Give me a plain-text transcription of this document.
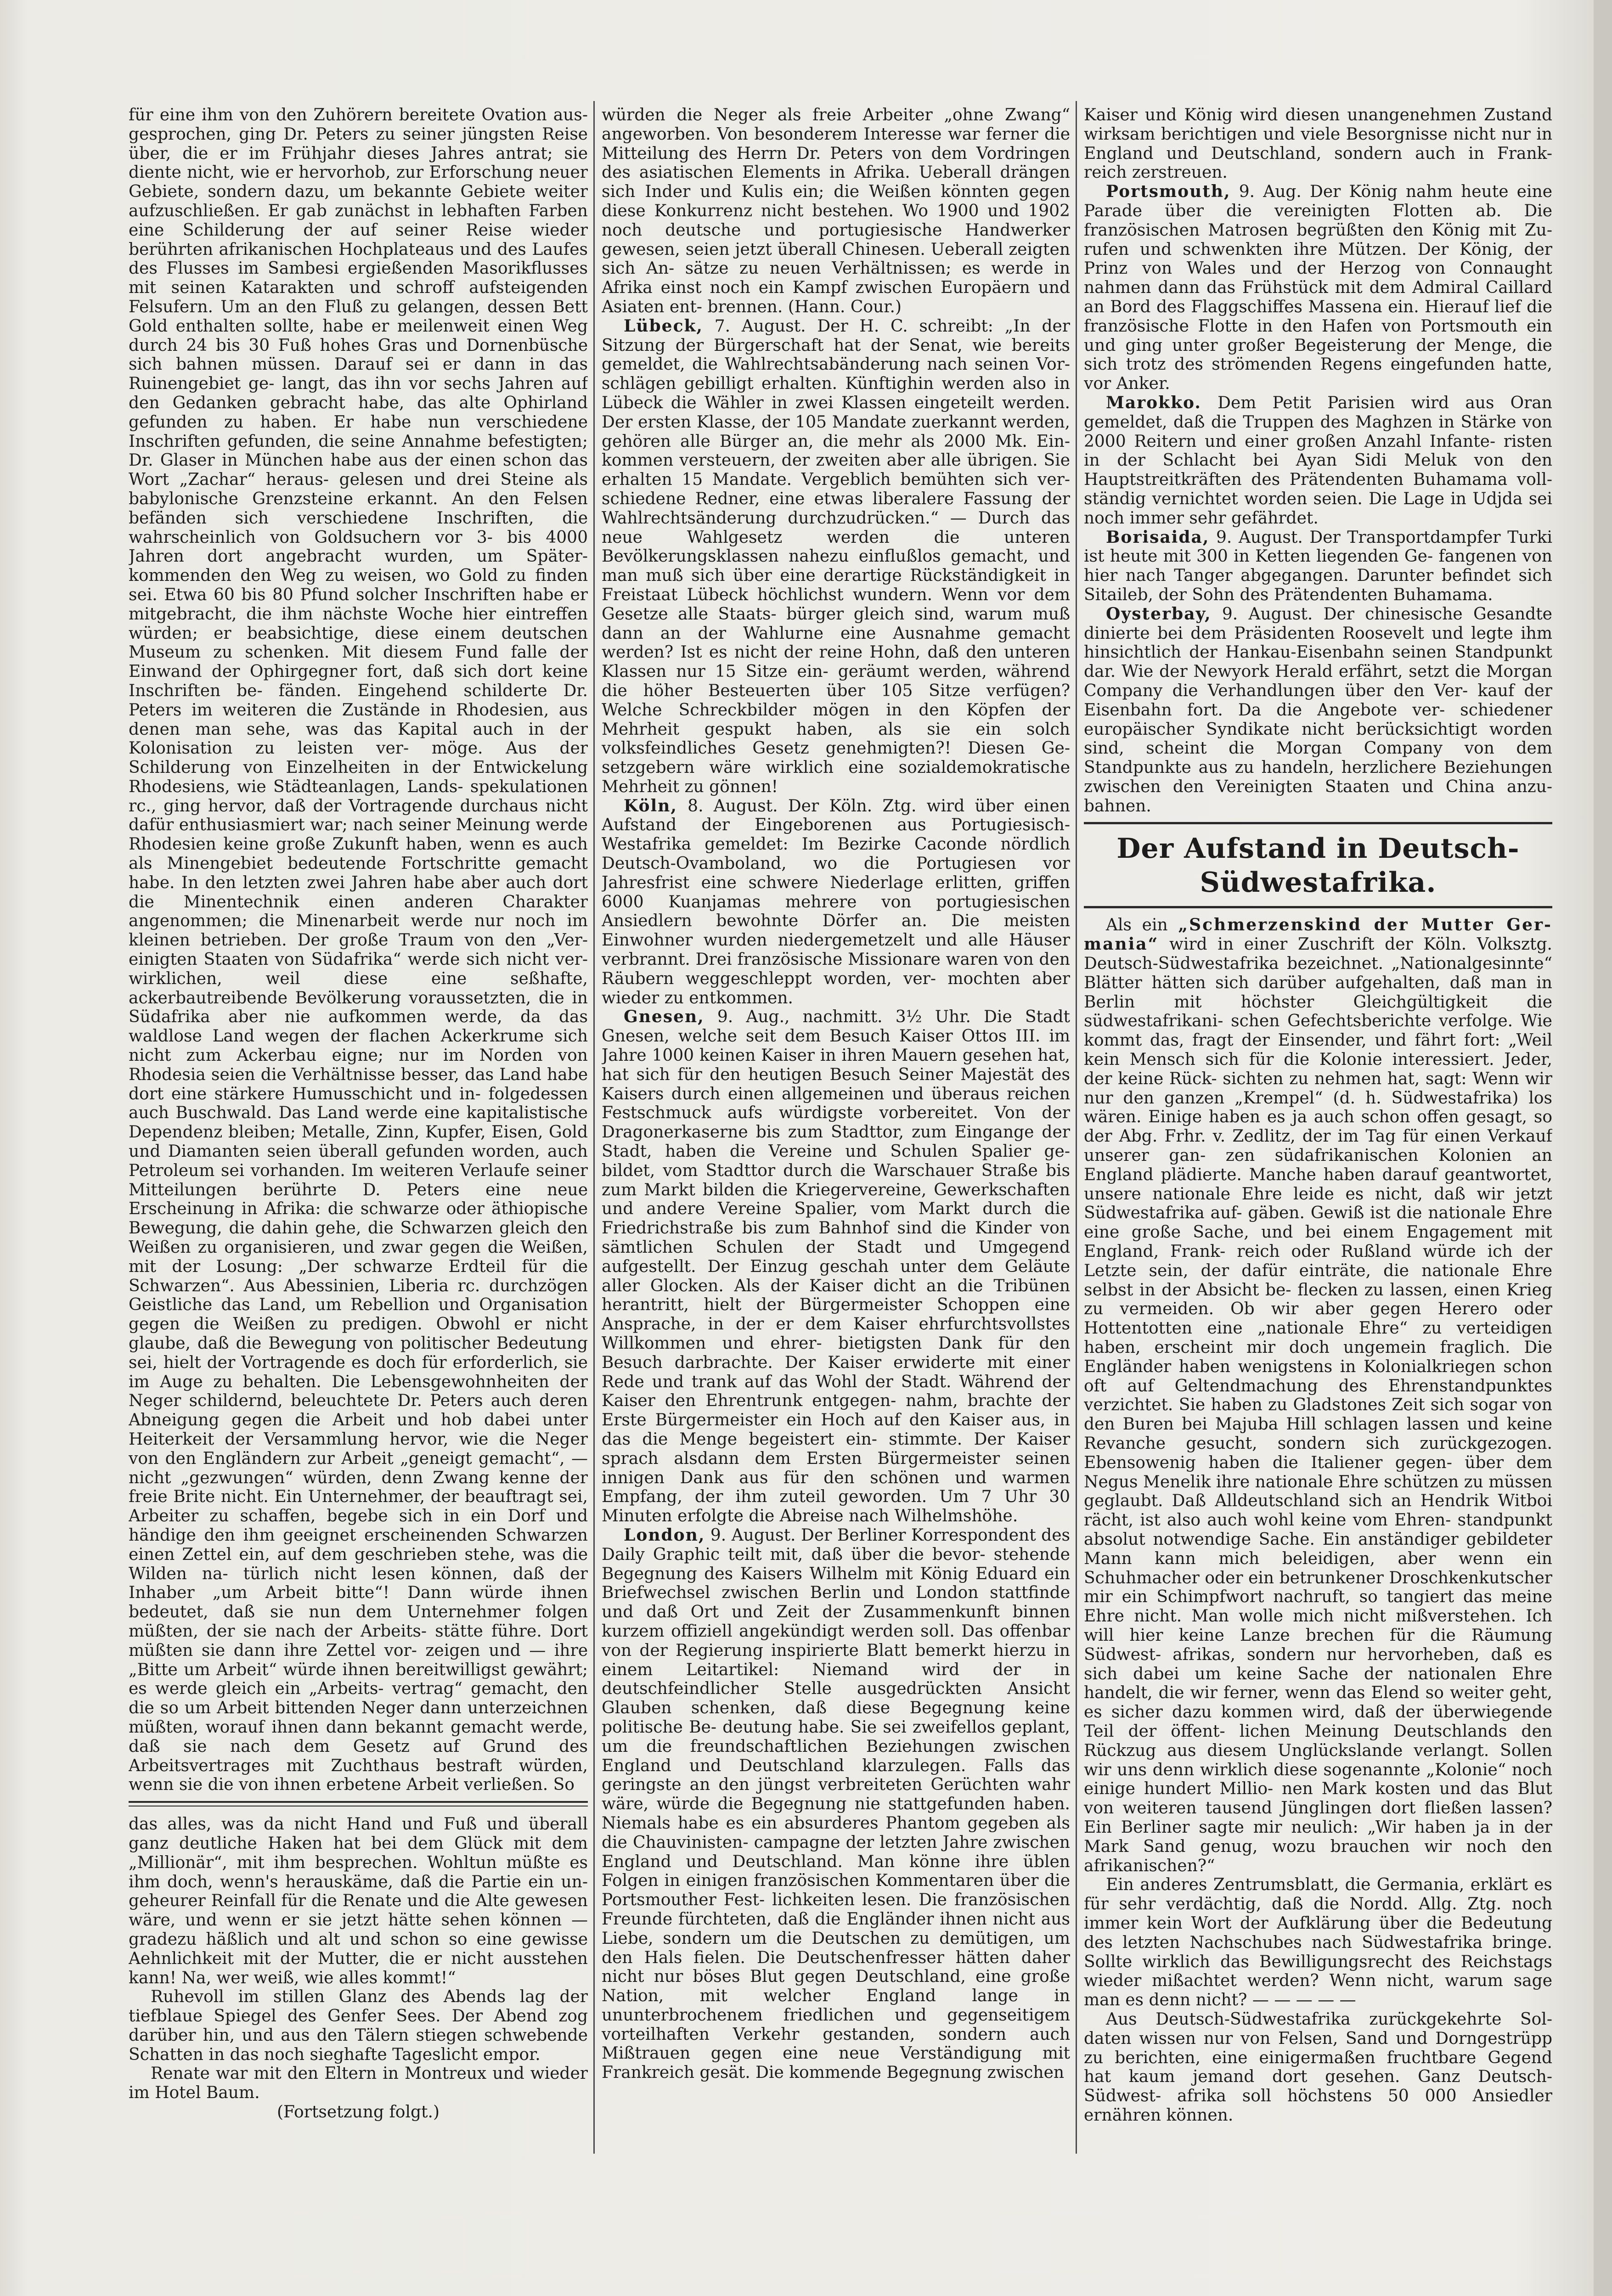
für eine ihm von den Zuhörern bereitete Ovation aus- gesprochen, ging Dr. Peters zu seiner jüngsten Reise über, die er im Frühjahr dieses Jahres antrat; sie diente nicht, wie er hervorhob, zur Erforschung neuer Gebiete, sondern dazu, um bekannte Gebiete weiter aufzuschließen. Er gab zunächst in lebhaften Farben eine Schilderung der auf seiner Reise wieder berührten afrikanischen Hochplateaus und des Laufes des Flusses im Sambesi ergießenden Masorikflusses mit seinen Katarakten und schroff aufsteigenden Felsufern. Um an den Fluß zu gelangen, dessen Bett Gold enthalten sollte, habe er meilenweit einen Weg durch 24 bis 30 Fuß hohes Gras und Dornenbüsche sich bahnen müssen. Darauf sei er dann in das Ruinengebiet ge- langt, das ihn vor sechs Jahren auf den Gedanken gebracht habe, das alte Ophirland gefunden zu haben. Er habe nun verschiedene Inschriften gefunden, die seine Annahme befestigten; Dr. Glaser in München habe aus der einen schon das Wort „Zachar“ heraus- gelesen und drei Steine als babylonische Grenzsteine erkannt. An den Felsen befänden sich verschiedene Inschriften, die wahrscheinlich von Goldsuchern vor 3- bis 4000 Jahren dort angebracht wurden, um Später- kommenden den Weg zu weisen, wo Gold zu finden sei. Etwa 60 bis 80 Pfund solcher Inschriften habe er mitgebracht, die ihm nächste Woche hier eintreffen würden; er beabsichtige, diese einem deutschen Museum zu schenken. Mit diesem Fund falle der Einwand der Ophirgegner fort, daß sich dort keine Inschriften be- fänden. Eingehend schilderte Dr. Peters im weiteren die Zustände in Rhodesien, aus denen man sehe, was das Kapital auch in der Kolonisation zu leisten ver- möge. Aus der Schilderung von Einzelheiten in der Entwickelung Rhodesiens, wie Städteanlagen, Lands- spekulationen rc., ging hervor, daß der Vortragende durchaus nicht dafür enthusiasmiert war; nach seiner Meinung werde Rhodesien keine große Zukunft haben, wenn es auch als Minengebiet bedeutende Fortschritte gemacht habe. In den letzten zwei Jahren habe aber auch dort die Minentechnik einen anderen Charakter angenommen; die Minenarbeit werde nur noch im kleinen betrieben. Der große Traum von den „Ver- einigten Staaten von Südafrika“ werde sich nicht ver- wirklichen, weil diese eine seßhafte, ackerbautreibende Bevölkerung voraussetzten, die in Südafrika aber nie aufkommen werde, da das waldlose Land wegen der flachen Ackerkrume sich nicht zum Ackerbau eigne; nur im Norden von Rhodesia seien die Verhältnisse besser, das Land habe dort eine stärkere Humusschicht und in- folgedessen auch Buschwald. Das Land werde eine kapitalistische Dependenz bleiben; Metalle, Zinn, Kupfer, Eisen, Gold und Diamanten seien überall gefunden worden, auch Petroleum sei vorhanden. Im weiteren Verlaufe seiner Mitteilungen berührte D. Peters eine neue Erscheinung in Afrika: die schwarze oder äthiopische Bewegung, die dahin gehe, die Schwarzen gleich den Weißen zu organisieren, und zwar gegen die Weißen, mit der Losung: „Der schwarze Erdteil für die Schwarzen“. Aus Abessinien, Liberia rc. durchzögen Geistliche das Land, um Rebellion und Organisation gegen die Weißen zu predigen. Obwohl er nicht glaube, daß die Bewegung von politischer Bedeutung sei, hielt der Vortragende es doch für erforderlich, sie im Auge zu behalten. Die Lebensgewohnheiten der Neger schildernd, beleuchtete Dr. Peters auch deren Abneigung gegen die Arbeit und hob dabei unter Heiterkeit der Versammlung hervor, wie die Neger von den Engländern zur Arbeit „geneigt gemacht“, — nicht „gezwungen“ würden, denn Zwang kenne der freie Brite nicht. Ein Unternehmer, der beauftragt sei, Arbeiter zu schaffen, begebe sich in ein Dorf und händige den ihm geeignet erscheinenden Schwarzen einen Zettel ein, auf dem geschrieben stehe, was die Wilden na- türlich nicht lesen können, daß der Inhaber „um Arbeit bitte“! Dann würde ihnen bedeutet, daß sie nun dem Unternehmer folgen müßten, der sie nach der Arbeits- stätte führe. Dort müßten sie dann ihre Zettel vor- zeigen und — ihre „Bitte um Arbeit“ würde ihnen bereitwilligst gewährt; es werde gleich ein „Arbeits- vertrag“ gemacht, den die so um Arbeit bittenden Neger dann unterzeichnen müßten, worauf ihnen dann bekannt gemacht werde, daß sie nach dem Gesetz auf Grund des Arbeitsvertrages mit Zuchthaus bestraft würden, wenn sie die von ihnen erbetene Arbeit verließen. So

das alles, was da nicht Hand und Fuß und überall ganz deutliche Haken hat bei dem Glück mit dem „Millionär“, mit ihm besprechen. Wohltun müßte es ihm doch, wenn's herauskäme, daß die Partie ein un- geheurer Reinfall für die Renate und die Alte gewesen wäre, und wenn er sie jetzt hätte sehen können — gradezu häßlich und alt und schon so eine gewisse Aehnlichkeit mit der Mutter, die er nicht ausstehen kann! Na, wer weiß, wie alles kommt!“

Ruhevoll im stillen Glanz des Abends lag der tiefblaue Spiegel des Genfer Sees. Der Abend zog darüber hin, und aus den Tälern stiegen schwebende Schatten in das noch sieghafte Tageslicht empor.

Renate war mit den Eltern in Montreux und wieder im Hotel Baum.

(Fortsetzung folgt.)

würden die Neger als freie Arbeiter „ohne Zwang“ angeworben. Von besonderem Interesse war ferner die Mitteilung des Herrn Dr. Peters von dem Vordringen des asiatischen Elements in Afrika. Ueberall drängen sich Inder und Kulis ein; die Weißen könnten gegen diese Konkurrenz nicht bestehen. Wo 1900 und 1902 noch deutsche und portugiesische Handwerker gewesen, seien jetzt überall Chinesen. Ueberall zeigten sich An- sätze zu neuen Verhältnissen; es werde in Afrika einst noch ein Kampf zwischen Europäern und Asiaten ent- brennen. (Hann. Cour.)

Lübeck, 7. August. Der H. C. schreibt: „In der Sitzung der Bürgerschaft hat der Senat, wie bereits gemeldet, die Wahlrechtsabänderung nach seinen Vor- schlägen gebilligt erhalten. Künftighin werden also in Lübeck die Wähler in zwei Klassen eingeteilt werden. Der ersten Klasse, der 105 Mandate zuerkannt werden, gehören alle Bürger an, die mehr als 2000 Mk. Ein- kommen versteuern, der zweiten aber alle übrigen. Sie erhalten 15 Mandate. Vergeblich bemühten sich ver- schiedene Redner, eine etwas liberalere Fassung der Wahlrechtsänderung durchzudrücken.“ — Durch das neue Wahlgesetz werden die unteren Bevölkerungsklassen nahezu einflußlos gemacht, und man muß sich über eine derartige Rückständigkeit in Freistaat Lübeck höchlichst wundern. Wenn vor dem Gesetze alle Staats- bürger gleich sind, warum muß dann an der Wahlurne eine Ausnahme gemacht werden? Ist es nicht der reine Hohn, daß den unteren Klassen nur 15 Sitze ein- geräumt werden, während die höher Besteuerten über 105 Sitze verfügen? Welche Schreckbilder mögen in den Köpfen der Mehrheit gespukt haben, als sie ein solch volksfeindliches Gesetz genehmigten?! Diesen Ge- setzgebern wäre wirklich eine sozialdemokratische Mehrheit zu gönnen!

Köln, 8. August. Der Köln. Ztg. wird über einen Aufstand der Eingeborenen aus Portugiesisch-Westafrika gemeldet: Im Bezirke Caconde nördlich Deutsch-Ovamboland, wo die Portugiesen vor Jahresfrist eine schwere Niederlage erlitten, griffen 6000 Kuanjamas mehrere von portugiesischen Ansiedlern bewohnte Dörfer an. Die meisten Einwohner wurden niedergemetzelt und alle Häuser verbrannt. Drei französische Missionare waren von den Räubern weggeschleppt worden, ver- mochten aber wieder zu entkommen.

Gnesen, 9. Aug., nachmitt. 3½ Uhr. Die Stadt Gnesen, welche seit dem Besuch Kaiser Ottos III. im Jahre 1000 keinen Kaiser in ihren Mauern gesehen hat, hat sich für den heutigen Besuch Seiner Majestät des Kaisers durch einen allgemeinen und überaus reichen Festschmuck aufs würdigste vorbereitet. Von der Dragonerkaserne bis zum Stadttor, zum Eingange der Stadt, haben die Vereine und Schulen Spalier ge- bildet, vom Stadttor durch die Warschauer Straße bis zum Markt bilden die Kriegervereine, Gewerkschaften und andere Vereine Spalier, vom Markt durch die Friedrichstraße bis zum Bahnhof sind die Kinder von sämtlichen Schulen der Stadt und Umgegend aufgestellt. Der Einzug geschah unter dem Geläute aller Glocken. Als der Kaiser dicht an die Tribünen herantritt, hielt der Bürgermeister Schoppen eine Ansprache, in der er dem Kaiser ehrfurchtsvollstes Willkommen und ehrer- bietigsten Dank für den Besuch darbrachte. Der Kaiser erwiderte mit einer Rede und trank auf das Wohl der Stadt. Während der Kaiser den Ehrentrunk entgegen- nahm, brachte der Erste Bürgermeister ein Hoch auf den Kaiser aus, in das die Menge begeistert ein- stimmte. Der Kaiser sprach alsdann dem Ersten Bürgermeister seinen innigen Dank aus für den schönen und warmen Empfang, der ihm zuteil geworden. Um 7 Uhr 30 Minuten erfolgte die Abreise nach Wilhelmshöhe.

London, 9. August. Der Berliner Korrespondent des Daily Graphic teilt mit, daß über die bevor- stehende Begegnung des Kaisers Wilhelm mit König Eduard ein Briefwechsel zwischen Berlin und London stattfinde und daß Ort und Zeit der Zusammenkunft binnen kurzem offiziell angekündigt werden soll. Das offenbar von der Regierung inspirierte Blatt bemerkt hierzu in einem Leitartikel: Niemand wird der in deutschfeindlicher Stelle ausgedrückten Ansicht Glauben schenken, daß diese Begegnung keine politische Be- deutung habe. Sie sei zweifellos geplant, um die freundschaftlichen Beziehungen zwischen England und Deutschland klarzulegen. Falls das geringste an den jüngst verbreiteten Gerüchten wahr wäre, würde die Begegnung nie stattgefunden haben. Niemals habe es ein absurderes Phantom gegeben als die Chauvinisten- campagne der letzten Jahre zwischen England und Deutschland. Man könne ihre üblen Folgen in einigen französischen Kommentaren über die Portsmouther Fest- lichkeiten lesen. Die französischen Freunde fürchteten, daß die Engländer ihnen nicht aus Liebe, sondern um die Deutschen zu demütigen, um den Hals fielen. Die Deutschenfresser hätten daher nicht nur böses Blut gegen Deutschland, eine große Nation, mit welcher England lange in ununterbrochenem friedlichen und gegenseitigem vorteilhaften Verkehr gestanden, sondern auch Mißtrauen gegen eine neue Verständigung mit Frankreich gesät. Die kommende Begegnung zwischen

Kaiser und König wird diesen unangenehmen Zustand wirksam berichtigen und viele Besorgnisse nicht nur in England und Deutschland, sondern auch in Frank- reich zerstreuen.

Portsmouth, 9. Aug. Der König nahm heute eine Parade über die vereinigten Flotten ab. Die französischen Matrosen begrüßten den König mit Zu- rufen und schwenkten ihre Mützen. Der König, der Prinz von Wales und der Herzog von Connaught nahmen dann das Frühstück mit dem Admiral Caillard an Bord des Flaggschiffes Massena ein. Hierauf lief die französische Flotte in den Hafen von Portsmouth ein und ging unter großer Begeisterung der Menge, die sich trotz des strömenden Regens eingefunden hatte, vor Anker.

Marokko. Dem Petit Parisien wird aus Oran gemeldet, daß die Truppen des Maghzen in Stärke von 2000 Reitern und einer großen Anzahl Infante- risten in der Schlacht bei Ayan Sidi Meluk von den Hauptstreitkräften des Prätendenten Buhamama voll- ständig vernichtet worden seien. Die Lage in Udjda sei noch immer sehr gefährdet.

Borisaida, 9. August. Der Transportdampfer Turki ist heute mit 300 in Ketten liegenden Ge- fangenen von hier nach Tanger abgegangen. Darunter befindet sich Sitaileb, der Sohn des Prätendenten Buhamama.

Oysterbay, 9. August. Der chinesische Gesandte dinierte bei dem Präsidenten Roosevelt und legte ihm hinsichtlich der Hankau-Eisenbahn seinen Standpunkt dar. Wie der Newyork Herald erfährt, setzt die Morgan Company die Verhandlungen über den Ver- kauf der Eisenbahn fort. Da die Angebote ver- schiedener europäischer Syndikate nicht berücksichtigt worden sind, scheint die Morgan Company von dem Standpunkte aus zu handeln, herzlichere Beziehungen zwischen den Vereinigten Staaten und China anzu- bahnen.

Der Aufstand in Deutsch-Südwestafrika.

Als ein „Schmerzenskind der Mutter Ger- mania“ wird in einer Zuschrift der Köln. Volksztg. Deutsch-Südwestafrika bezeichnet. „Nationalgesinnte“ Blätter hätten sich darüber aufgehalten, daß man in Berlin mit höchster Gleichgültigkeit die südwestafrikani- schen Gefechtsberichte verfolge. Wie kommt das, fragt der Einsender, und fährt fort: „Weil kein Mensch sich für die Kolonie interessiert. Jeder, der keine Rück- sichten zu nehmen hat, sagt: Wenn wir nur den ganzen „Krempel“ (d. h. Südwestafrika) los wären. Einige haben es ja auch schon offen gesagt, so der Abg. Frhr. v. Zedlitz, der im Tag für einen Verkauf unserer gan- zen südafrikanischen Kolonien an England plädierte. Manche haben darauf geantwortet, unsere nationale Ehre leide es nicht, daß wir jetzt Südwestafrika auf- gäben. Gewiß ist die nationale Ehre eine große Sache, und bei einem Engagement mit England, Frank- reich oder Rußland würde ich der Letzte sein, der dafür einträte, die nationale Ehre selbst in der Absicht be- flecken zu lassen, einen Krieg zu vermeiden. Ob wir aber gegen Herero oder Hottentotten eine „nationale Ehre“ zu verteidigen haben, erscheint mir doch ungemein fraglich. Die Engländer haben wenigstens in Kolonialkriegen schon oft auf Geltendmachung des Ehrenstandpunktes verzichtet. Sie haben zu Gladstones Zeit sich sogar von den Buren bei Majuba Hill schlagen lassen und keine Revanche gesucht, sondern sich zurückgezogen. Ebensowenig haben die Italiener gegen- über dem Negus Menelik ihre nationale Ehre schützen zu müssen geglaubt. Daß Alldeutschland sich an Hendrik Witboi rächt, ist also auch wohl keine vom Ehren- standpunkt absolut notwendige Sache. Ein anständiger gebildeter Mann kann mich beleidigen, aber wenn ein Schuhmacher oder ein betrunkener Droschkenkutscher mir ein Schimpfwort nachruft, so tangiert das meine Ehre nicht. Man wolle mich nicht mißverstehen. Ich will hier keine Lanze brechen für die Räumung Südwest- afrikas, sondern nur hervorheben, daß es sich dabei um keine Sache der nationalen Ehre handelt, die wir ferner, wenn das Elend so weiter geht, es sicher dazu kommen wird, daß der überwiegende Teil der öffent- lichen Meinung Deutschlands den Rückzug aus diesem Unglückslande verlangt. Sollen wir uns denn wirklich diese sogenannte „Kolonie“ noch einige hundert Millio- nen Mark kosten und das Blut von weiteren tausend Jünglingen dort fließen lassen? Ein Berliner sagte mir neulich: „Wir haben ja in der Mark Sand genug, wozu brauchen wir noch den afrikanischen?“

Ein anderes Zentrumsblatt, die Germania, erklärt es für sehr verdächtig, daß die Nordd. Allg. Ztg. noch immer kein Wort der Aufklärung über die Bedeutung des letzten Nachschubes nach Südwestafrika bringe. Sollte wirklich das Bewilligungsrecht des Reichstags wieder mißachtet werden? Wenn nicht, warum sage man es denn nicht? — — — — —

Aus Deutsch-Südwestafrika zurückgekehrte Sol- daten wissen nur von Felsen, Sand und Dorngestrüpp zu berichten, eine einigermaßen fruchtbare Gegend hat kaum jemand dort gesehen. Ganz Deutsch-Südwest- afrika soll höchstens 50 000 Ansiedler ernähren können.
